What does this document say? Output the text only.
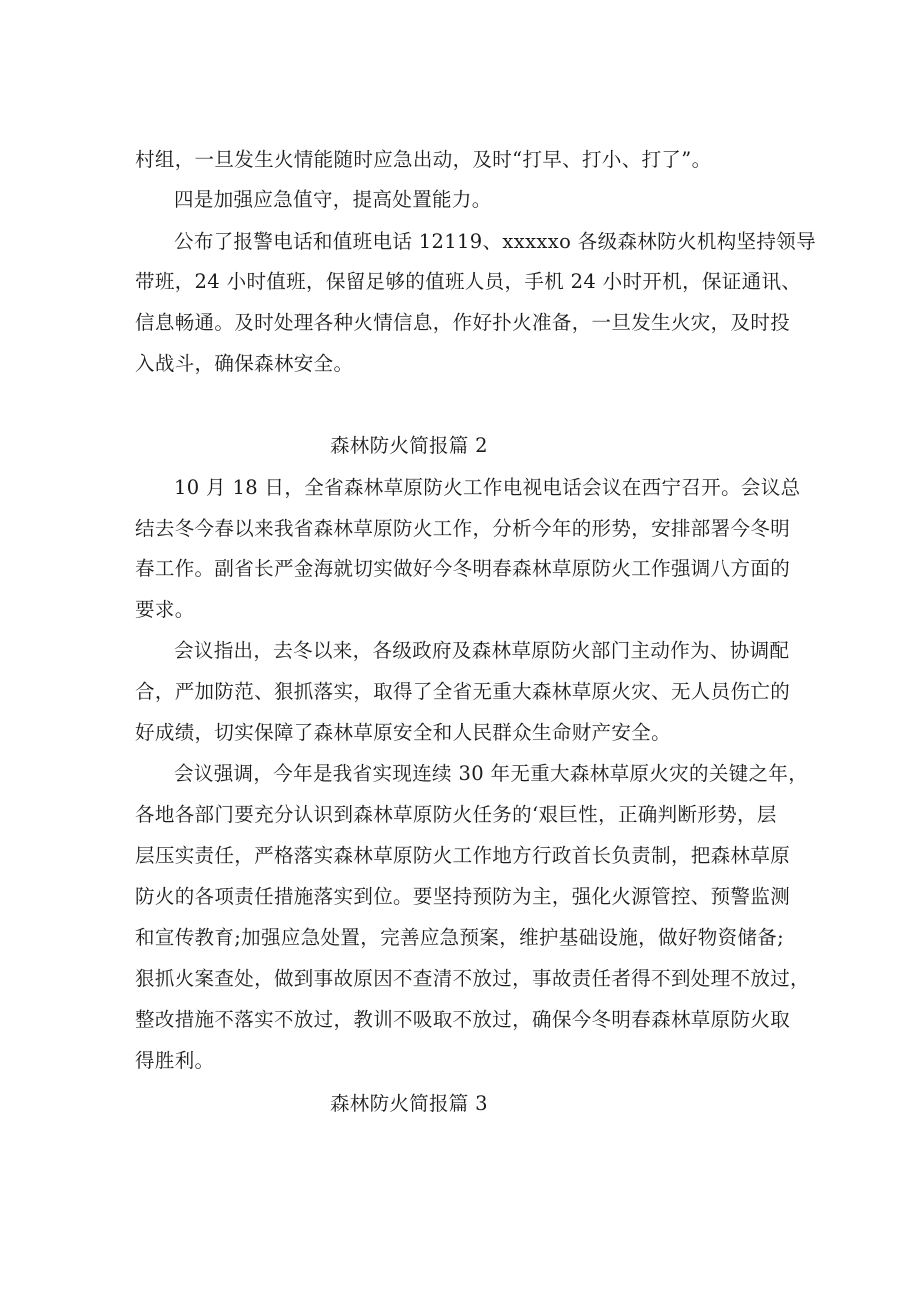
村组，一旦发生火情能随时应急出动，及时“打早、打小、打了”。
四是加强应急值守，提高处置能力。
公布了报警电话和值班电话 12119、xxxxxo 各级森林防火机构坚持领导
带班，24 小时值班，保留足够的值班人员，手机 24 小时开机，保证通讯、
信息畅通。及时处理各种火情信息，作好扑火准备，一旦发生火灾，及时投
入战斗，确保森林安全。
森林防火简报篇 2
10 月 18 日，全省森林草原防火工作电视电话会议在西宁召开。会议总
结去冬今春以来我省森林草原防火工作，分析今年的形势，安排部署今冬明
春工作。副省长严金海就切实做好今冬明春森林草原防火工作强调八方面的
要求。
会议指出，去冬以来，各级政府及森林草原防火部门主动作为、协调配
合，严加防范、狠抓落实，取得了全省无重大森林草原火灾、无人员伤亡的
好成绩，切实保障了森林草原安全和人民群众生命财产安全。
会议强调，今年是我省实现连续 30 年无重大森林草原火灾的关键之年，
各地各部门要充分认识到森林草原防火任务的‘艰巨性，正确判断形势，层
层压实责任，严格落实森林草原防火工作地方行政首长负责制，把森林草原
防火的各项责任措施落实到位。要坚持预防为主，强化火源管控、预警监测
和宣传教育;加强应急处置，完善应急预案，维护基础设施，做好物资储备;
狠抓火案查处，做到事故原因不查清不放过，事故责任者得不到处理不放过，
整改措施不落实不放过，教训不吸取不放过，确保今冬明春森林草原防火取
得胜利。
森林防火简报篇 3
